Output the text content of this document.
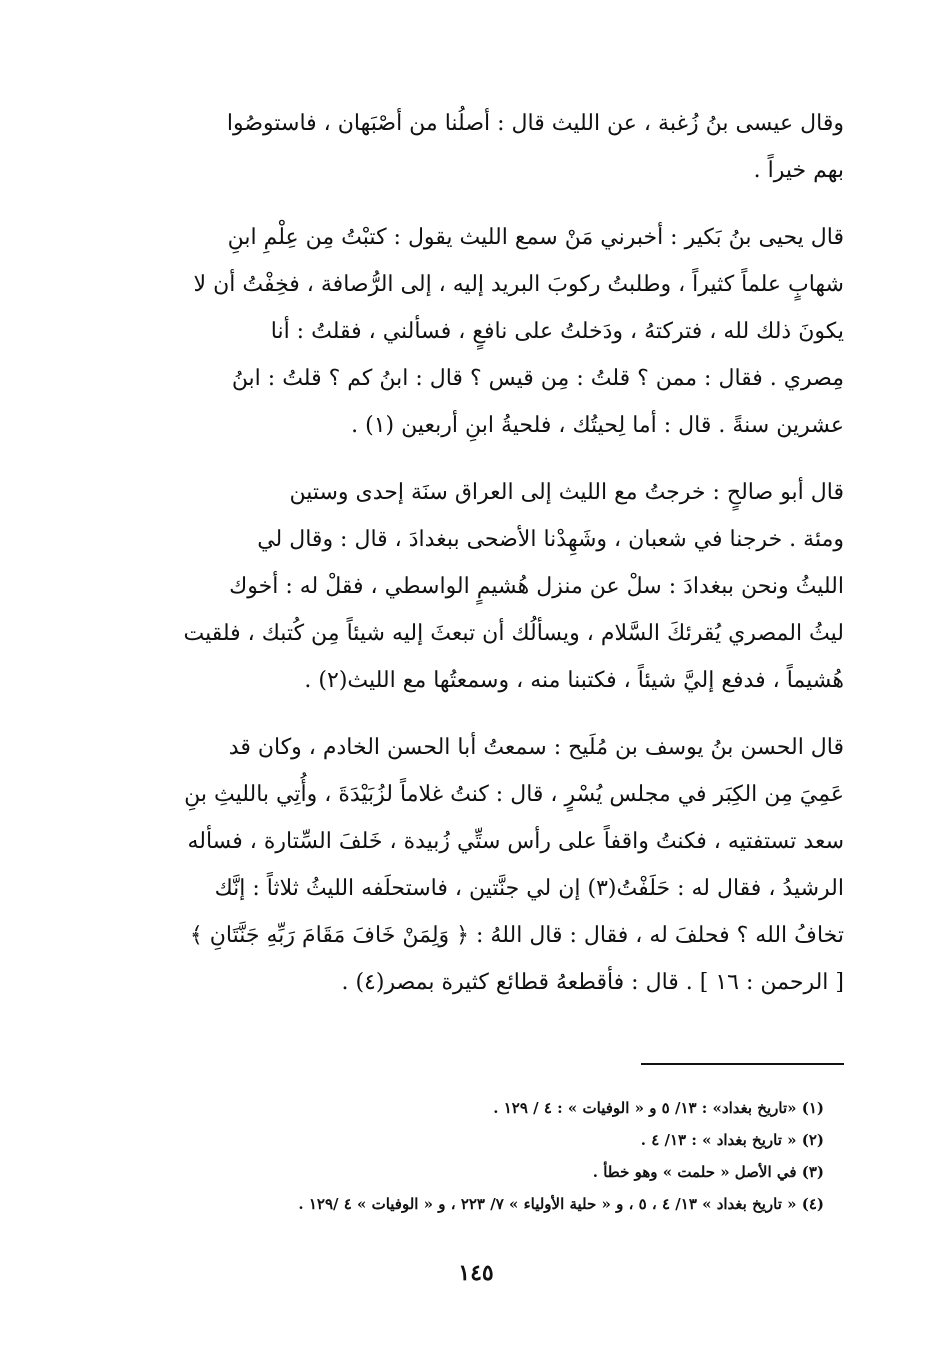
وقال عيسى بنُ زُغبة ، عن الليث قال : أصلُنا من أصْبَهان ، فاستوصُوا
بهم خيراً .

قال يحيى بنُ بَكير : أخبرني مَنْ سمع الليث يقول : كتبْتُ مِن عِلْمِ ابنِ
شهابٍ علماً كثيراً ، وطلبتُ ركوبَ البريد إليه ، إلى الرُّصافة ، فخِفْتُ أن لا
يكونَ ذلك لله ، فتركتهُ ، ودَخلتُ على نافعٍ ، فسألني ، فقلتُ : أنا
مِصري . فقال : ممن ؟ قلتُ : مِن قيس ؟ قال : ابنُ كم ؟ قلتُ : ابنُ
عشرين سنةً . قال : أما لِحيتُك ، فلحيةُ ابنِ أربعين (١) .

قال أبو صالحٍ : خرجتُ مع الليث إلى العراق سنَة إحدى وستين
ومئة . خرجنا في شعبان ، وشَهِدْنا الأضحى ببغدادَ ، قال : وقال لي
الليثُ ونحن ببغدادَ : سلْ عن منزل هُشيمٍ الواسطي ، فقلْ له : أخوك
ليثُ المصري يُقرئكَ السَّلام ، ويسألُك أن تبعثَ إليه شيئاً مِن كُتبك ، فلقيت
هُشيماً ، فدفع إليَّ شيئاً ، فكتبنا منه ، وسمعتُها مع الليث(٢) .

قال الحسن بنُ يوسف بن مُلَيح : سمعتُ أبا الحسن الخادم ، وكان قد
عَمِيَ مِن الكِبَر في مجلس يُسْرٍ ، قال : كنتُ غلاماً لزُبَيْدَةَ ، وأُتِي بالليثِ بنِ
سعد تستفتيه ، فكنتُ واقفاً على رأس ستِّي زُبيدة ، خَلفَ السِّتارة ، فسأله
الرشيدُ ، فقال له : حَلَفْتُ(٣) إن لي جنَّتين ، فاستحلَفه الليثُ ثلاثاً : إنَّك
تخافُ الله ؟ فحلفَ له ، فقال : قال اللهُ : ﴿ وَلِمَنْ خَافَ مَقَامَ رَبِّهِ جَنَّتَانِ ﴾
[ الرحمن : ١٦ ] . قال : فأقطعهُ قطائع كثيرة بمصر(٤) .

(١) «تاريخ بغداد» : ١٣/ ٥ و « الوفيات » : ٤ / ١٢٩ .
(٢) « تاريخ بغداد » : ١٣/ ٤ .
(٣) في الأصل « حلمت » وهو خطأ .
(٤) « تاريخ بغداد » ١٣/ ٤ ، ٥ ، و « حلية الأولياء » ٧/ ٢٢٣ ، و « الوفيات » ٤ /١٢٩ .
١٤٥
